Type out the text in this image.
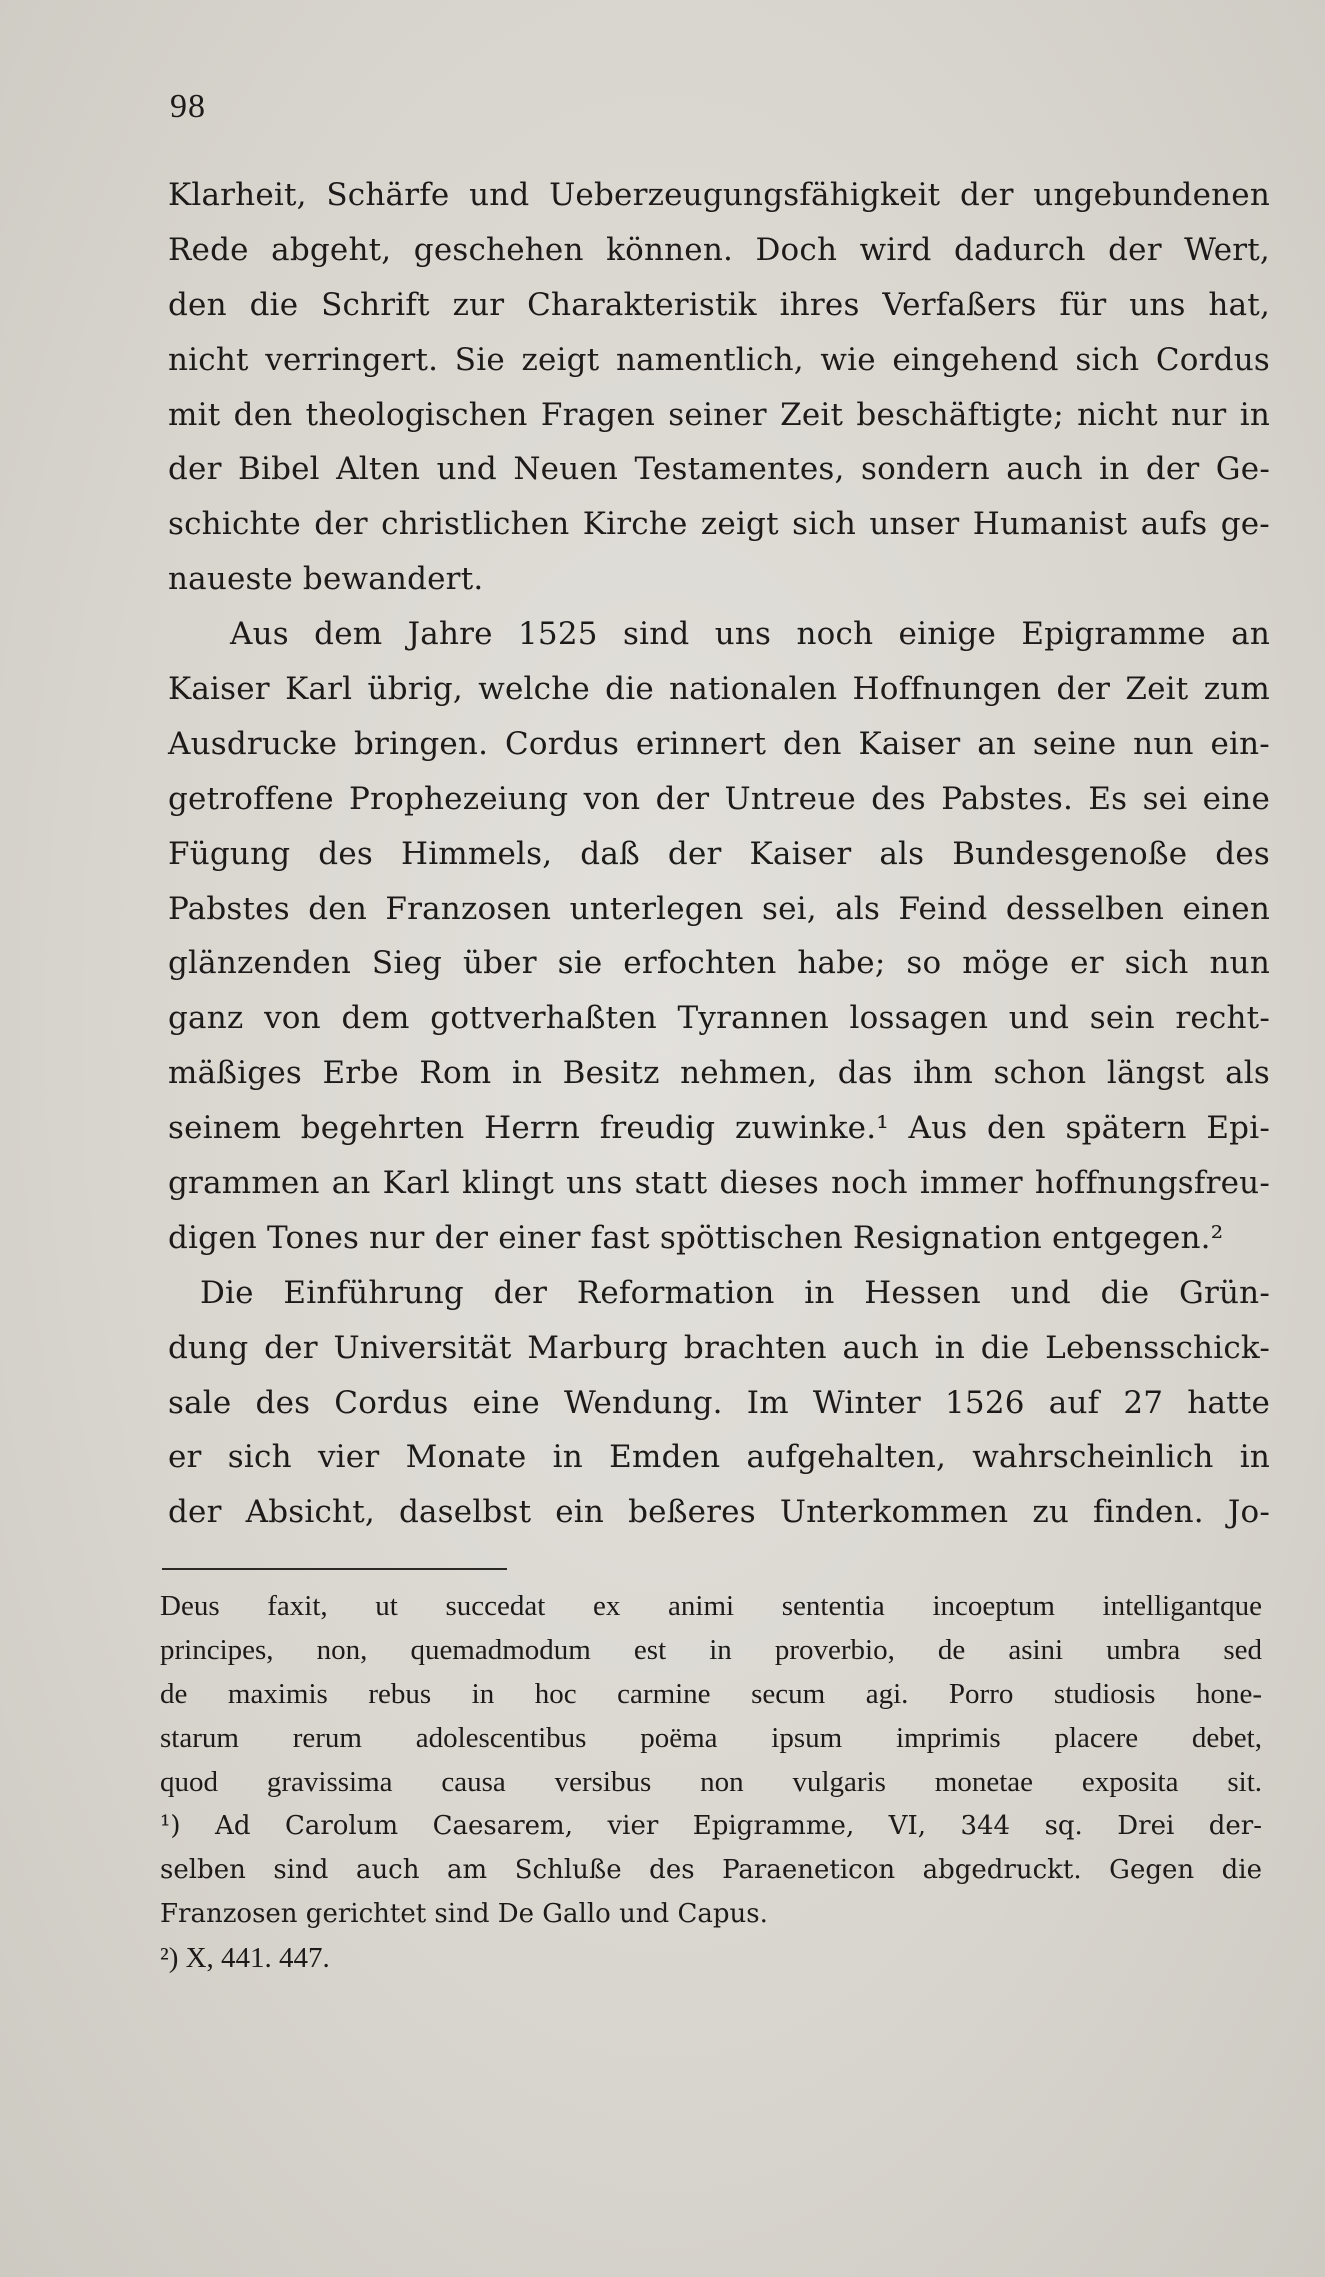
98
Klarheit, Schärfe und Ueberzeugungsfähigkeit der ungebundenen
Rede abgeht, geschehen können. Doch wird dadurch der Wert,
den die Schrift zur Charakteristik ihres Verfaßers für uns hat,
nicht verringert. Sie zeigt namentlich, wie eingehend sich Cordus
mit den theologischen Fragen seiner Zeit beschäftigte; nicht nur in
der Bibel Alten und Neuen Testamentes, sondern auch in der Ge-
schichte der christlichen Kirche zeigt sich unser Humanist aufs ge-
naueste bewandert.
Aus dem Jahre 1525 sind uns noch einige Epigramme an
Kaiser Karl übrig, welche die nationalen Hoffnungen der Zeit zum
Ausdrucke bringen. Cordus erinnert den Kaiser an seine nun ein-
getroffene Prophezeiung von der Untreue des Pabstes. Es sei eine
Fügung des Himmels, daß der Kaiser als Bundesgenoße des
Pabstes den Franzosen unterlegen sei, als Feind desselben einen
glänzenden Sieg über sie erfochten habe; so möge er sich nun
ganz von dem gottverhaßten Tyrannen lossagen und sein recht-
mäßiges Erbe Rom in Besitz nehmen, das ihm schon längst als
seinem begehrten Herrn freudig zuwinke.¹ Aus den spätern Epi-
grammen an Karl klingt uns statt dieses noch immer hoffnungsfreu-
digen Tones nur der einer fast spöttischen Resignation entgegen.²
Die Einführung der Reformation in Hessen und die Grün-
dung der Universität Marburg brachten auch in die Lebensschick-
sale des Cordus eine Wendung. Im Winter 1526 auf 27 hatte
er sich vier Monate in Emden aufgehalten, wahrscheinlich in
der Absicht, daselbst ein beßeres Unterkommen zu finden. Jo-
Deus faxit, ut succedat ex animi sententia incoeptum intelligantque
principes, non, quemadmodum est in proverbio, de asini umbra sed
de maximis rebus in hoc carmine secum agi. Porro studiosis hone-
starum rerum adolescentibus poëma ipsum imprimis placere debet,
quod gravissima causa versibus non vulgaris monetae exposita sit.
¹) Ad Carolum Caesarem, vier Epigramme, VI, 344 sq. Drei der-
selben sind auch am Schluße des Paraeneticon abgedruckt. Gegen die
Franzosen gerichtet sind De Gallo und Capus.
²) X, 441. 447.
